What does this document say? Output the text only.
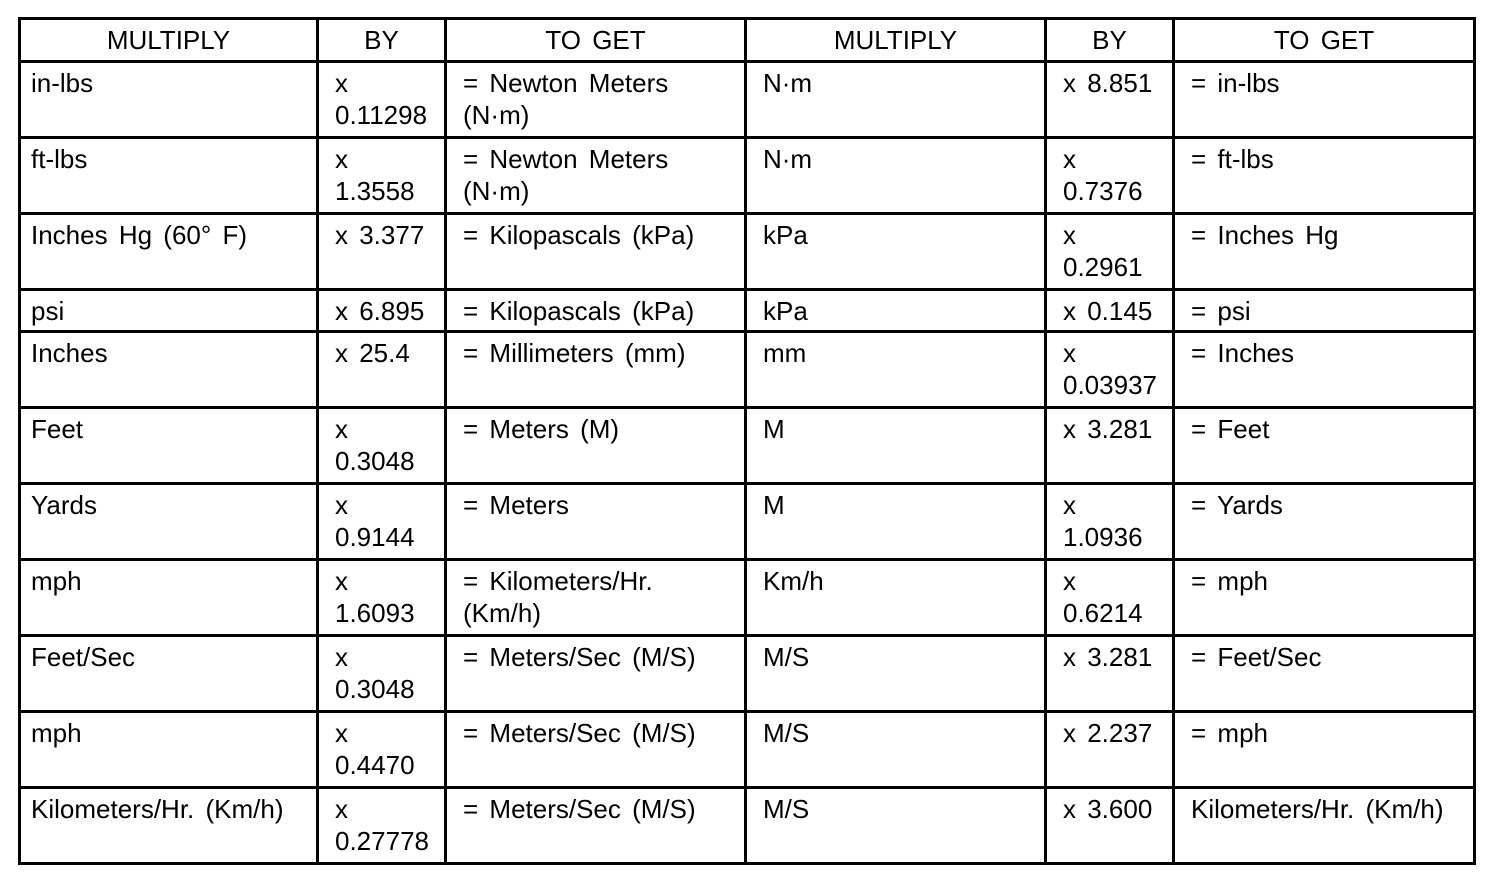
MULTIPLY	BY	TO GET	MULTIPLY	BY	TO GET
in-lbs	x 0.11298	= Newton Meters (N·m)	N·m	x 8.851	= in-lbs
ft-lbs	x 1.3558	= Newton Meters (N·m)	N·m	x 0.7376	= ft-lbs
Inches Hg (60° F)	x 3.377	= Kilopascals (kPa)	kPa	x 0.2961	= Inches Hg
psi	x 6.895	= Kilopascals (kPa)	kPa	x 0.145	= psi
Inches	x 25.4	= Millimeters (mm)	mm	x 0.03937	= Inches
Feet	x 0.3048	= Meters (M)	M	x 3.281	= Feet
Yards	x 0.9144	= Meters	M	x 1.0936	= Yards
mph	x 1.6093	= Kilometers/Hr. (Km/h)	Km/h	x 0.6214	= mph
Feet/Sec	x 0.3048	= Meters/Sec (M/S)	M/S	x 3.281	= Feet/Sec
mph	x 0.4470	= Meters/Sec (M/S)	M/S	x 2.237	= mph
Kilometers/Hr. (Km/h)	x 0.27778	= Meters/Sec (M/S)	M/S	x 3.600	Kilometers/Hr. (Km/h)
